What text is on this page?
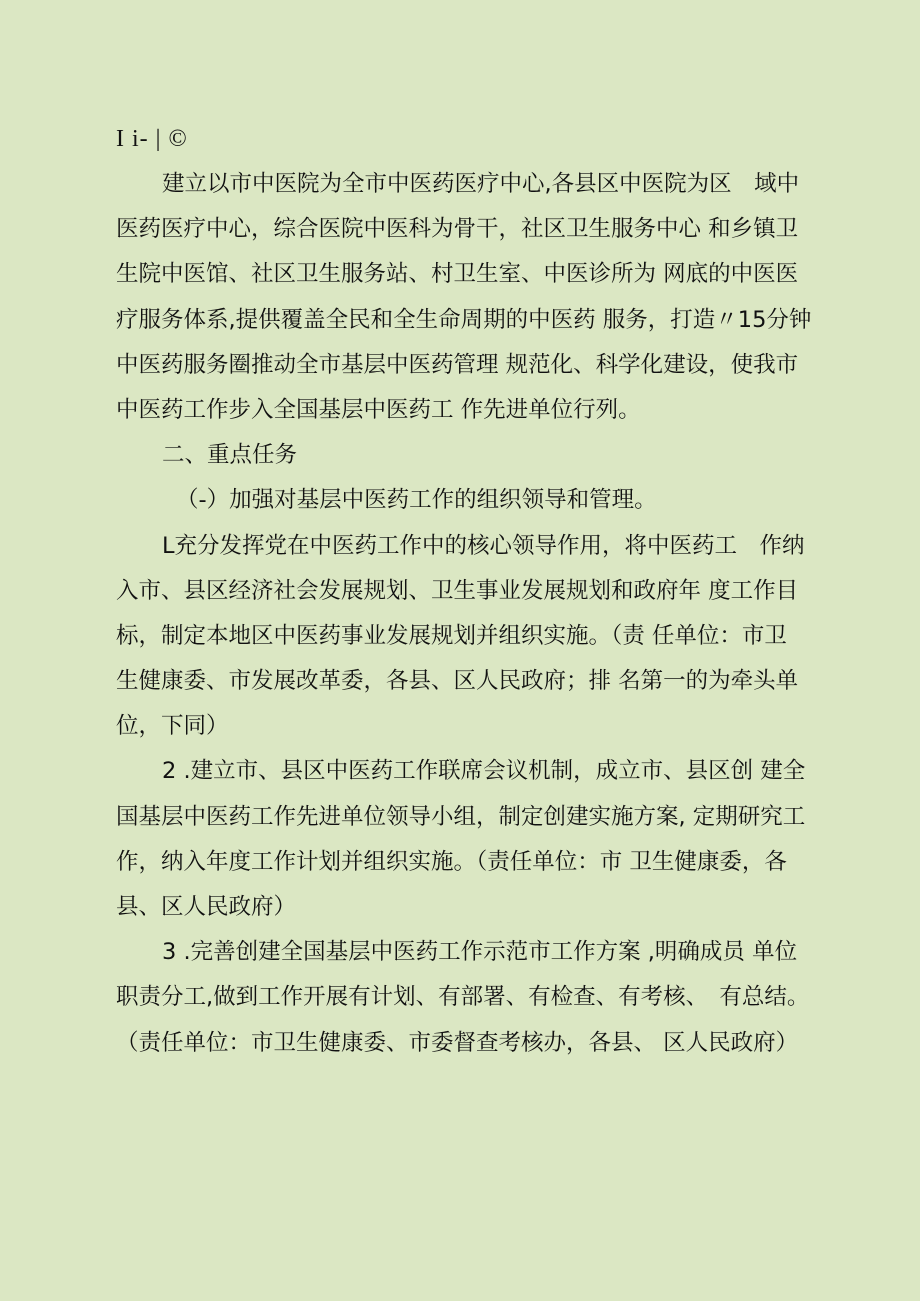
I i- | ©
建立以市中医院为全市中医药医疗中心,各县区中医院为区　域中
医药医疗中心，综合医院中医科为骨干，社区卫生服务中心 和乡镇卫
生院中医馆、社区卫生服务站、村卫生室、中医诊所为 网底的中医医
疗服务体系,提供覆盖全民和全生命周期的中医药 服务，打造〃15分钟
中医药服务圈推动全市基层中医药管理 规范化、科学化建设，使我市
中医药工作步入全国基层中医药工 作先进单位行列。
二、重点任务
（-）加强对基层中医药工作的组织领导和管理。
L充分发挥党在中医药工作中的核心领导作用，将中医药工　作纳
入市、县区经济社会发展规划、卫生事业发展规划和政府年 度工作目
标，制定本地区中医药事业发展规划并组织实施。（责 任单位：市卫
生健康委、市发展改革委，各县、区人民政府；排 名第一的为牵头单
位，下同）
2 .建立市、县区中医药工作联席会议机制，成立市、县区创 建全
国基层中医药工作先进单位领导小组，制定创建实施方案, 定期研究工
作，纳入年度工作计划并组织实施。（责任单位：市 卫生健康委，各
县、区人民政府）
3 .完善创建全国基层中医药工作示范市工作方案 ,明确成员 单位
职责分工,做到工作开展有计划、有部署、有检查、有考核、　有总结。
（责任单位：市卫生健康委、市委督查考核办，各县、 区人民政府）
